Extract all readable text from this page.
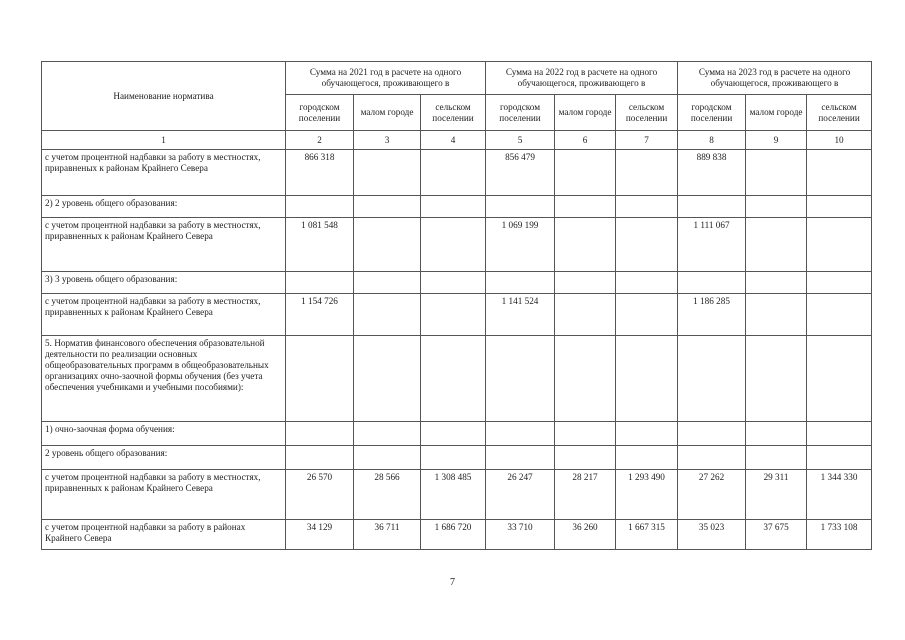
Наименование норматива	Сумма на 2021 год в расчете на одного обучающегося, проживающего в			Сумма на 2022 год в расчете на одного обучающегося, проживающего в			Сумма на 2023 год в расчете на одного обучающегося, проживающего в		
	городском поселении	малом городе	сельском поселении	городском поселении	малом городе	сельском поселении	городском поселении	малом городе	сельском поселении
1	2	3	4	5	6	7	8	9	10
с учетом процентной надбавки за работу в местностях, приравненых к районам Крайнего Севера	866 318			856 479			889 838		
2) 2 уровень общего образования:									
с учетом процентной надбавки за работу в местностях, приравненных к районам Крайнего Севера	1 081 548			1 069 199			1 111 067		
3) 3 уровень общего образования:									
с учетом процентной надбавки за работу в местностях, приравненных к районам Крайнего Севера	1 154 726			1 141 524			1 186 285		
5. Норматив финансового обеспечения образовательной деятельности по реализации основных общеобразовательных программ в общеобразовательных организациях очно-заочной формы обучения (без учета обеспечения учебниками и учебными пособиями):									
1) очно-заочная форма обучения:									
2 уровень общего образования:									
с учетом процентной надбавки за работу в местностях, приравненных к районам Крайнего Севера	26 570	28 566	1 308 485	26 247	28 217	1 293 490	27 262	29 311	1 344 330
с учетом процентной надбавки за работу в районах Крайнего Севера	34 129	36 711	1 686 720	33 710	36 260	1 667 315	35 023	37 675	1 733 108
7
